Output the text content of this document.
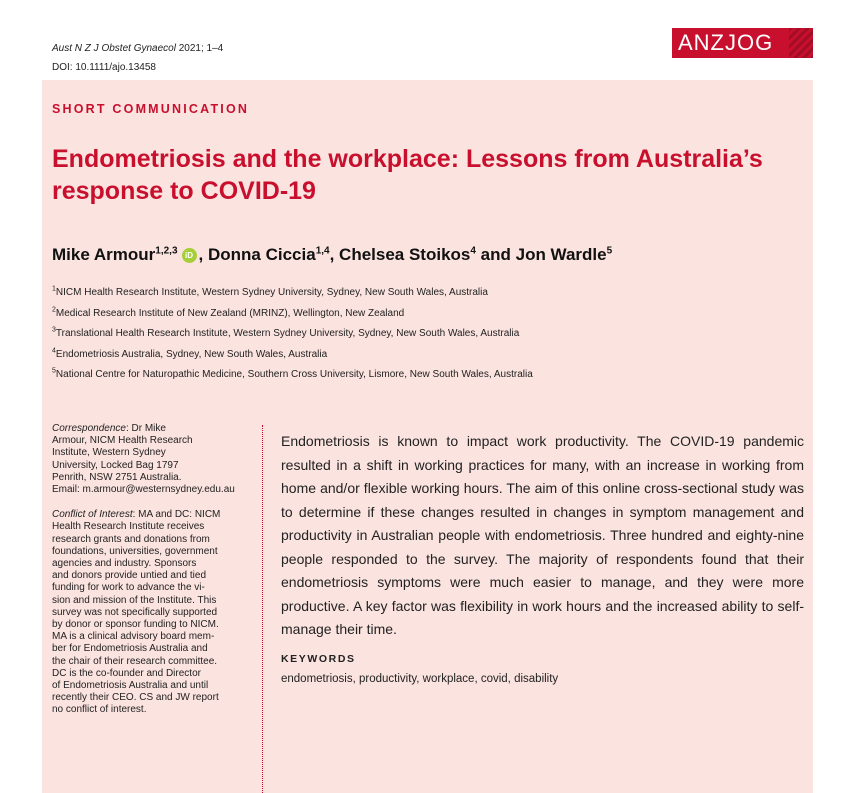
Aust N Z J Obstet Gynaecol 2021; 1–4	ANZJOG
DOI: 10.1111/ajo.13458
SHORT COMMUNICATION
Endometriosis and the workplace: Lessons from Australia’s response to COVID-19
Mike Armour$^{1,2,3}$ iD , Donna Ciccia$^{1,4}$, Chelsea Stoikos$^4$ and Jon Wardle$^5$
$^1$NICM Health Research Institute, Western Sydney University, Sydney, New South Wales, Australia
$^2$Medical Research Institute of New Zealand (MRINZ), Wellington, New Zealand
$^3$Translational Health Research Institute, Western Sydney University, Sydney, New South Wales, Australia
$^4$Endometriosis Australia, Sydney, New South Wales, Australia
$^5$National Centre for Naturopathic Medicine, Southern Cross University, Lismore, New South Wales, Australia

Correspondence: Dr Mike
Armour, NICM Health Research
Institute, Western Sydney
University, Locked Bag 1797
Penrith, NSW 2751 Australia.
Email: m.armour@westernsydney.edu.au

Conflict of Interest: MA and DC: NICM
Health Research Institute receives
research grants and donations from
foundations, universities, government
agencies and industry. Sponsors
and donors provide untied and tied
funding for work to advance the vi-
sion and mission of the Institute. This
survey was not specifically supported
by donor or sponsor funding to NICM.
MA is a clinical advisory board mem-
ber for Endometriosis Australia and
the chair of their research committee.
DC is the co-founder and Director
of Endometriosis Australia and until
recently their CEO. CS and JW report
no conflict of interest.

Endometriosis is known to impact work productivity. The COVID-19 pandemic resulted in a shift in working practices for many, with an increase in working from home and/or flexible working hours. The aim of this online cross-sectional study was to determine if these changes resulted in changes in symptom management and productivity in Australian people with endometriosis. Three hundred and eighty-nine people responded to the survey. The majority of respondents found that their endometriosis symptoms were much easier to manage, and they were more productive. A key factor was flexibility in work hours and the increased ability to self-manage their time.

KEYWORDS
endometriosis, productivity, workplace, covid, disability
